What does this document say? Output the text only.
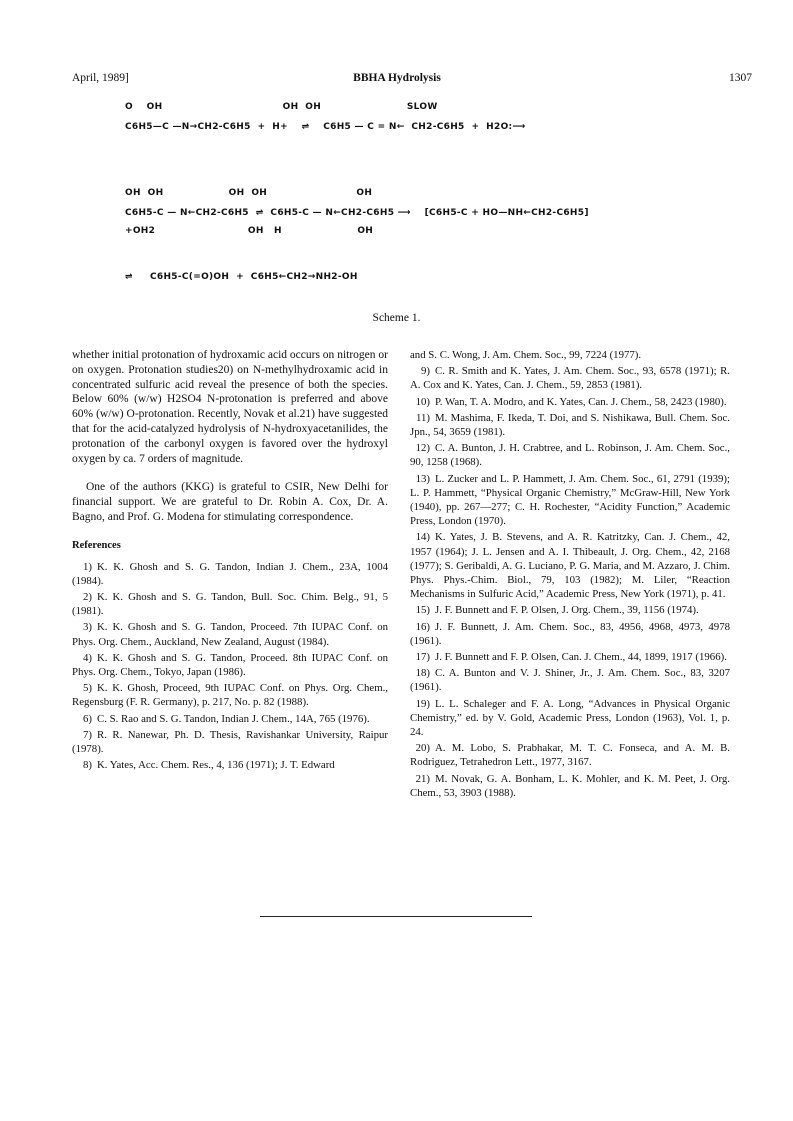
April, 1989]	BBHA Hydrolysis	1307
O    OH                                   OH  OH                         SLOW
C6H5—C —N→CH2-C6H5  +  H+    ⇌    C6H5 — C = N←  CH2-C6H5  +  H2O:⟶
OH  OH                   OH  OH                          OH
C6H5-C — N←CH2-C6H5  ⇌  C6H5-C — N←CH2-C6H5 ⟶    [C6H5-C + HO—NH←CH2-C6H5]
+OH2                           OH   H                      OH
⇌     C6H5-C(=O)OH  +  C6H5←CH2→NH2-OH
Scheme 1.

whether initial protonation of hydroxamic acid occurs on nitrogen or on oxygen. Protonation studies20) on N-methylhydroxamic acid in concentrated sulfuric acid reveal the presence of both the species. Below 60% (w/w) H2SO4 N-protonation is preferred and above 60% (w/w) O-protonation. Recently, Novak et al.21) have suggested that for the acid-catalyzed hydrolysis of N-hydroxyacetanilides, the protonation of the carbonyl oxygen is favored over the hydroxyl oxygen by ca. 7 orders of magnitude.

One of the authors (KKG) is grateful to CSIR, New Delhi for financial support. We are grateful to Dr. Robin A. Cox, Dr. A. Bagno, and Prof. G. Modena for stimulating correspondence.

References
1) K. K. Ghosh and S. G. Tandon, Indian J. Chem., 23A, 1004 (1984).
2) K. K. Ghosh and S. G. Tandon, Bull. Soc. Chim. Belg., 91, 5 (1981).
3) K. K. Ghosh and S. G. Tandon, Proceed. 7th IUPAC Conf. on Phys. Org. Chem., Auckland, New Zealand, August (1984).
4) K. K. Ghosh and S. G. Tandon, Proceed. 8th IUPAC Conf. on Phys. Org. Chem., Tokyo, Japan (1986).
5) K. K. Ghosh, Proceed, 9th IUPAC Conf. on Phys. Org. Chem., Regensburg (F. R. Germany), p. 217, No. p. 82 (1988).
6) C. S. Rao and S. G. Tandon, Indian J. Chem., 14A, 765 (1976).
7) R. R. Nanewar, Ph. D. Thesis, Ravishankar University, Raipur (1978).
8) K. Yates, Acc. Chem. Res., 4, 136 (1971); J. T. Edward
and S. C. Wong, J. Am. Chem. Soc., 99, 7224 (1977).
9) C. R. Smith and K. Yates, J. Am. Chem. Soc., 93, 6578 (1971); R. A. Cox and K. Yates, Can. J. Chem., 59, 2853 (1981).
10) P. Wan, T. A. Modro, and K. Yates, Can. J. Chem., 58, 2423 (1980).
11) M. Mashima, F. Ikeda, T. Doi, and S. Nishikawa, Bull. Chem. Soc. Jpn., 54, 3659 (1981).
12) C. A. Bunton, J. H. Crabtree, and L. Robinson, J. Am. Chem. Soc., 90, 1258 (1968).
13) L. Zucker and L. P. Hammett, J. Am. Chem. Soc., 61, 2791 (1939); L. P. Hammett, “Physical Organic Chemistry,” McGraw-Hill, New York (1940), pp. 267—277; C. H. Rochester, “Acidity Function,” Academic Press, London (1970).
14) K. Yates, J. B. Stevens, and A. R. Katritzky, Can. J. Chem., 42, 1957 (1964); J. L. Jensen and A. I. Thibeault, J. Org. Chem., 42, 2168 (1977); S. Geribaldi, A. G. Luciano, P. G. Maria, and M. Azzaro, J. Chim. Phys. Phys.-Chim. Biol., 79, 103 (1982); M. Liler, “Reaction Mechanisms in Sulfuric Acid,” Academic Press, New York (1971), p. 41.
15) J. F. Bunnett and F. P. Olsen, J. Org. Chem., 39, 1156 (1974).
16) J. F. Bunnett, J. Am. Chem. Soc., 83, 4956, 4968, 4973, 4978 (1961).
17) J. F. Bunnett and F. P. Olsen, Can. J. Chem., 44, 1899, 1917 (1966).
18) C. A. Bunton and V. J. Shiner, Jr., J. Am. Chem. Soc., 83, 3207 (1961).
19) L. L. Schaleger and F. A. Long, “Advances in Physical Organic Chemistry,” ed. by V. Gold, Academic Press, London (1963), Vol. 1, p. 24.
20) A. M. Lobo, S. Prabhakar, M. T. C. Fonseca, and A. M. B. Rodriguez, Tetrahedron Lett., 1977, 3167.
21) M. Novak, G. A. Bonham, L. K. Mohler, and K. M. Peet, J. Org. Chem., 53, 3903 (1988).
